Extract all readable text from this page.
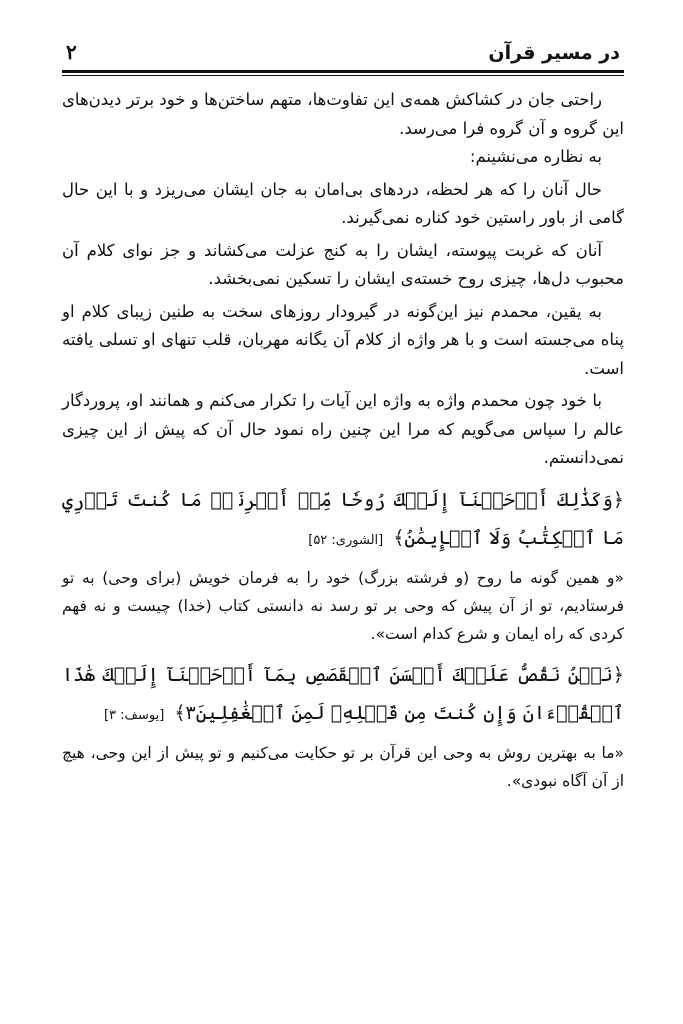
در مسیر قرآن
۲

راحتی جان در کشاکش همه‌ی این تفاوت‌ها، متهم ساختن‌ها و خود برتر دیدن‌های این گروه و آن گروه فرا می‌رسد.

به نظاره می‌نشینم:

حال آنان را که هر لحظه، دردهای بی‌امان به جان ایشان می‌ریزد و با این حال گامی از باور راستین خود کناره نمی‌گیرند.

آنان که غربت پیوسته، ایشان را به کنج عزلت می‌کشاند و جز نوای کلام آن محبوب دل‌ها، چیزی روح خسته‌ی ایشان را تسکین نمی‌بخشد.

به یقین، محمدم نیز این‌گونه در گیرودار روزهای سخت به طنین زیبای کلام او پناه می‌جسته است و با هر واژه از کلام آن یگانه مهربان، قلب تنهای او تسلی یافته است.

با خود چون محمدم واژه به واژه این آیات را تکرار می‌کنم و همانند او، پروردگار عالم را سپاس می‌گویم که مرا این چنین راه نمود حال آن که پیش از این چیزی نمی‌دانستم.

﴿وَكَذَٰلِكَ أَوۡحَيۡنَآ إِلَيۡكَ رُوحٗا مِّنۡ أَمۡرِنَاۚ مَا كُنتَ تَدۡرِي مَا ٱلۡكِتَٰبُ وَلَا ٱلۡإِيمَٰنُ﴾ [الشوری: ۵۲]

«و همین گونه ما روح (و فرشته بزرگ) خود را به فرمان خویش (برای وحی) به تو فرستادیم، تو از آن پیش که وحی بر تو رسد نه دانستی کتاب (خدا) چیست و نه فهم کردی که راه ایمان و شرع کدام است».

﴿نَحۡنُ نَقُصُّ عَلَيۡكَ أَحۡسَنَ ٱلۡقَصَصِ بِمَآ أَوۡحَيۡنَآ إِلَيۡكَ هَٰذَا ٱلۡقُرۡءَانَ وَإِن كُنتَ مِن قَبۡلِهِۦ لَمِنَ ٱلۡغَٰفِلِينَ٣﴾ [یوسف: ۳]

«ما به بهترین روش به وحی این قرآن بر تو حکایت می‌کنیم و تو پیش از این وحی، هیچ از آن آگاه نبودی».
